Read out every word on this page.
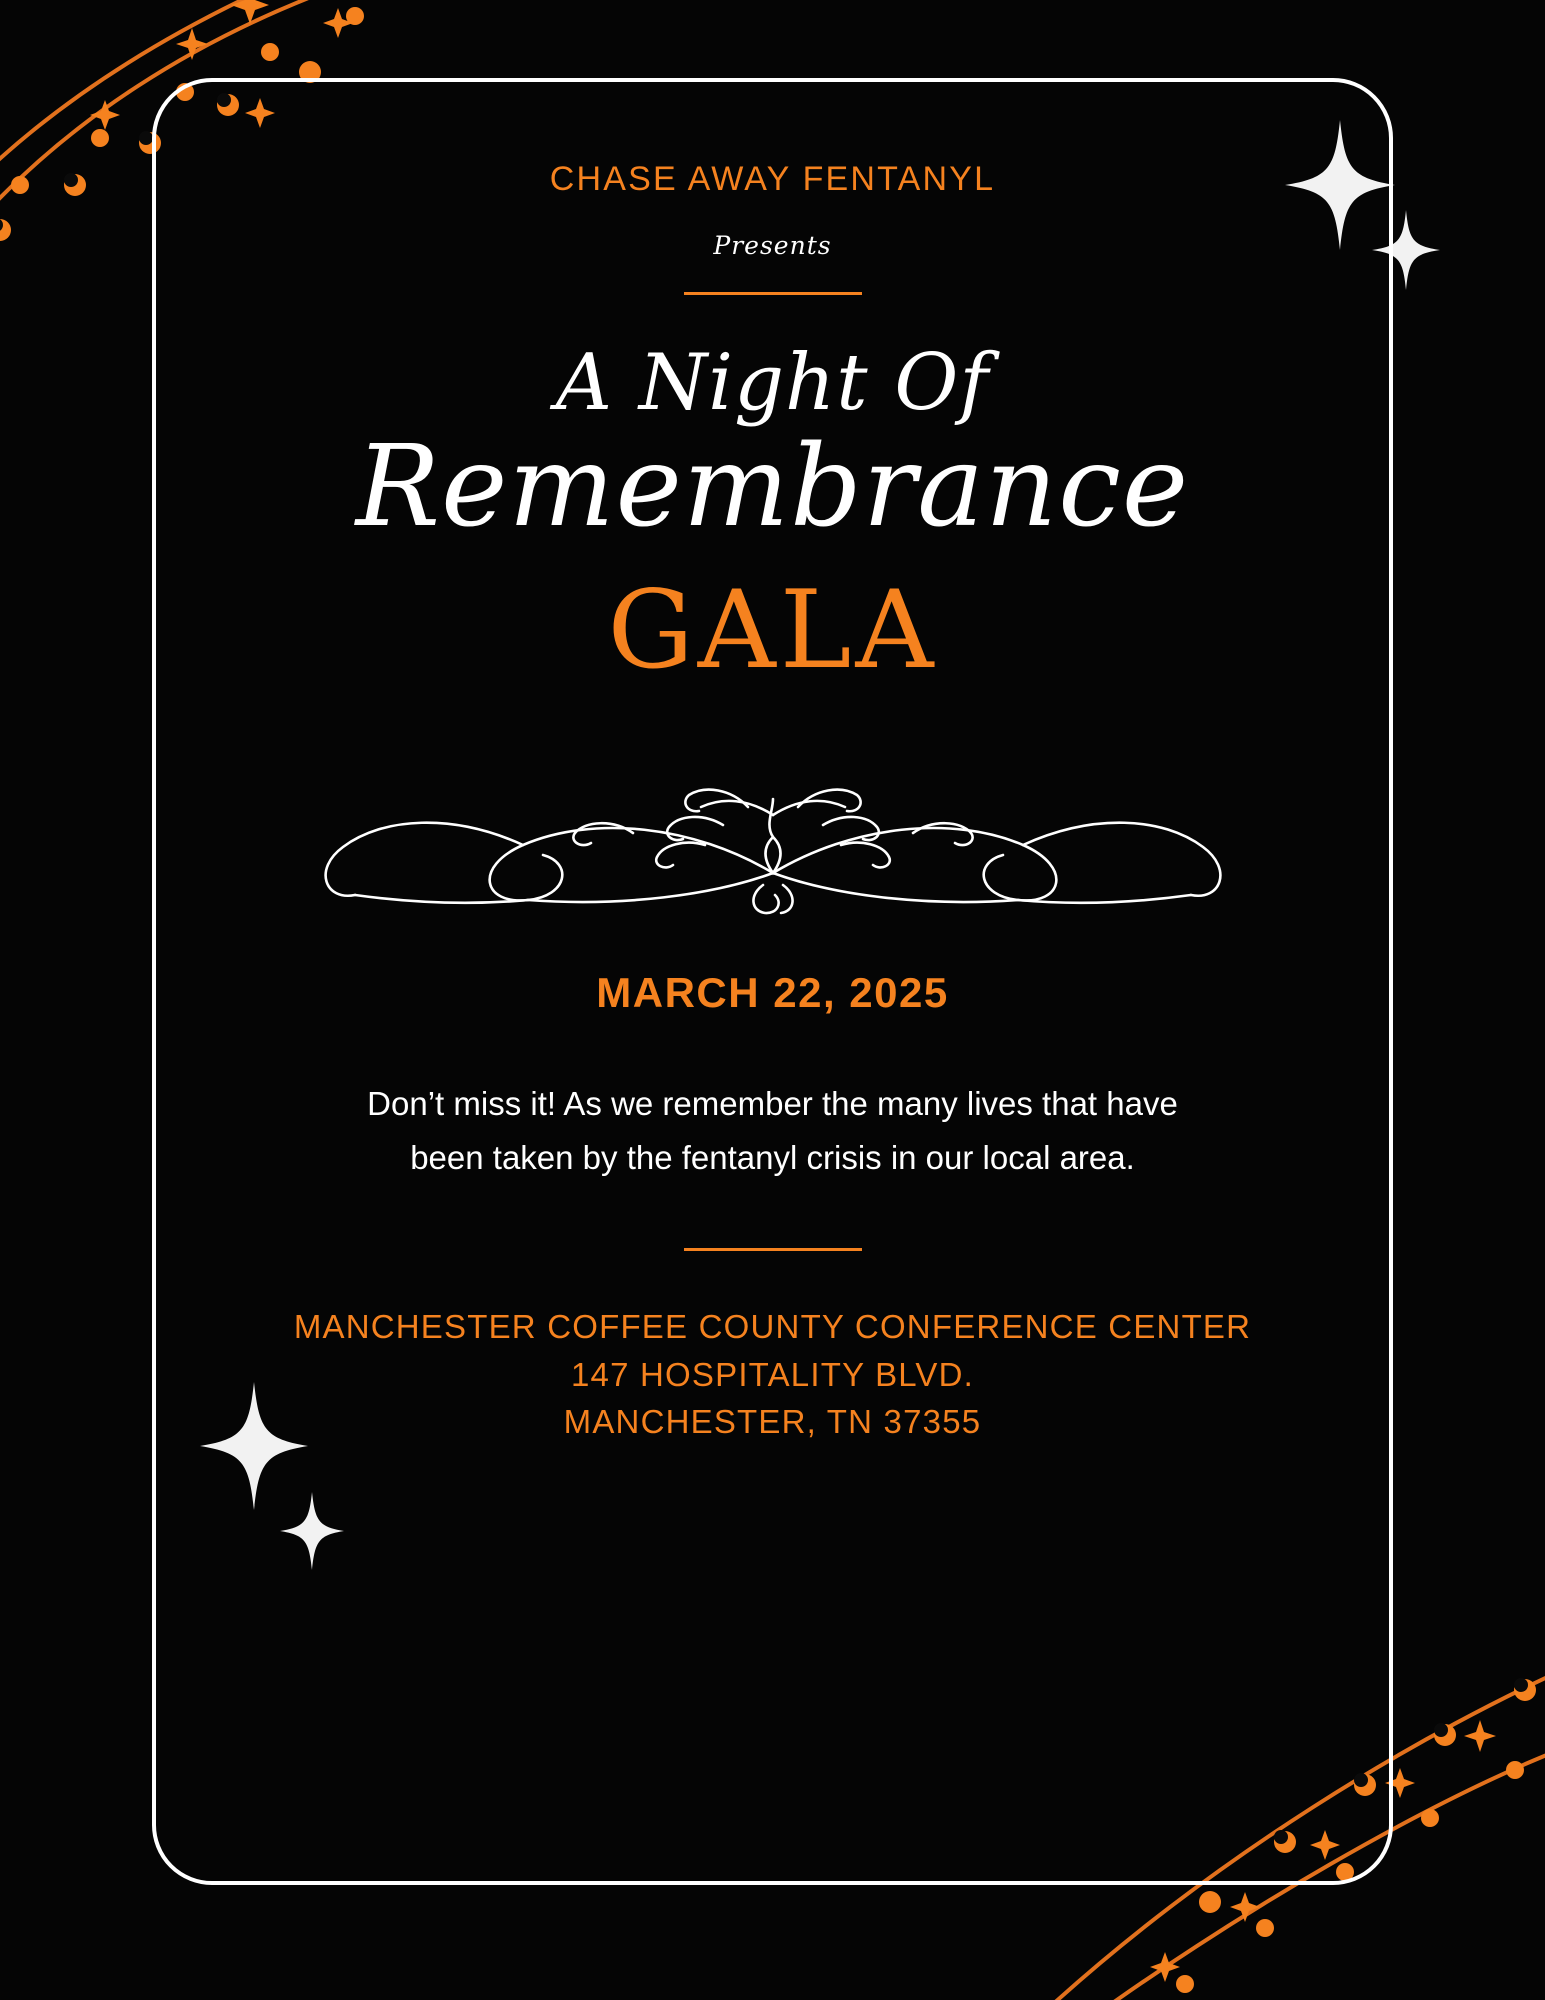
CHASE AWAY FENTANYL
Presents
A Night Of
Remembrance
GALA
MARCH 22, 2025
Don’t miss it! As we remember the many lives that have been taken by the fentanyl crisis in our local area.
MANCHESTER COFFEE COUNTY CONFERENCE CENTER
147 HOSPITALITY BLVD.
MANCHESTER, TN 37355
